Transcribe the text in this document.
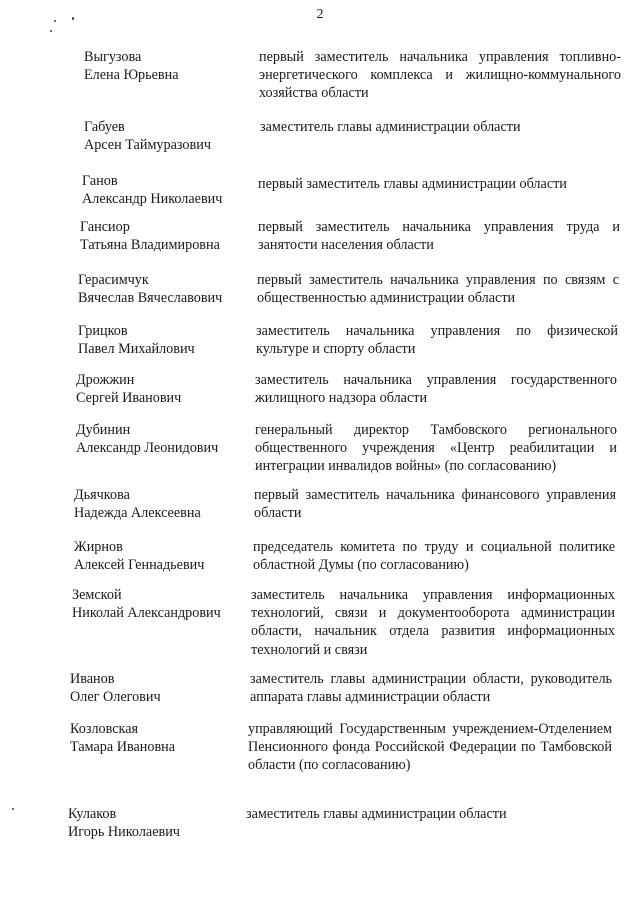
2
Выгузова
Елена Юрьевна
первый заместитель начальника управления топливно-энергетического комплекса и жилищно-коммунального хозяйства области
Габуев
Арсен Таймуразович
заместитель главы администрации области
Ганов
Александр Николаевич
первый заместитель главы администрации области
Гансиор
Татьяна Владимировна
первый заместитель начальника управления труда и занятости населения области
Герасимчук
Вячеслав Вячеславович
первый заместитель начальника управления по связям с общественностью администрации области
Грицков
Павел Михайлович
заместитель начальника управления по физической культуре и спорту области
Дрожжин
Сергей Иванович
заместитель начальника управления государственного жилищного надзора области
Дубинин
Александр Леонидович
генеральный директор Тамбовского регионального общественного учреждения «Центр реабилитации и интеграции инвалидов войны» (по согласованию)
Дьячкова
Надежда Алексеевна
первый заместитель начальника финансового управления области
Жирнов
Алексей Геннадьевич
председатель комитета по труду и социальной политике областной Думы (по согласованию)
Земской
Николай Александрович
заместитель начальника управления информационных технологий, связи и документооборота администрации области, начальник отдела развития информационных технологий и связи
Иванов
Олег Олегович
заместитель главы администрации области, руководитель аппарата главы администрации области
Козловская
Тамара Ивановна
управляющий Государственным учреждением-Отделением Пенсионного фонда Российской Федерации по Тамбовской области (по согласованию)
Кулаков
Игорь Николаевич
заместитель главы администрации области
